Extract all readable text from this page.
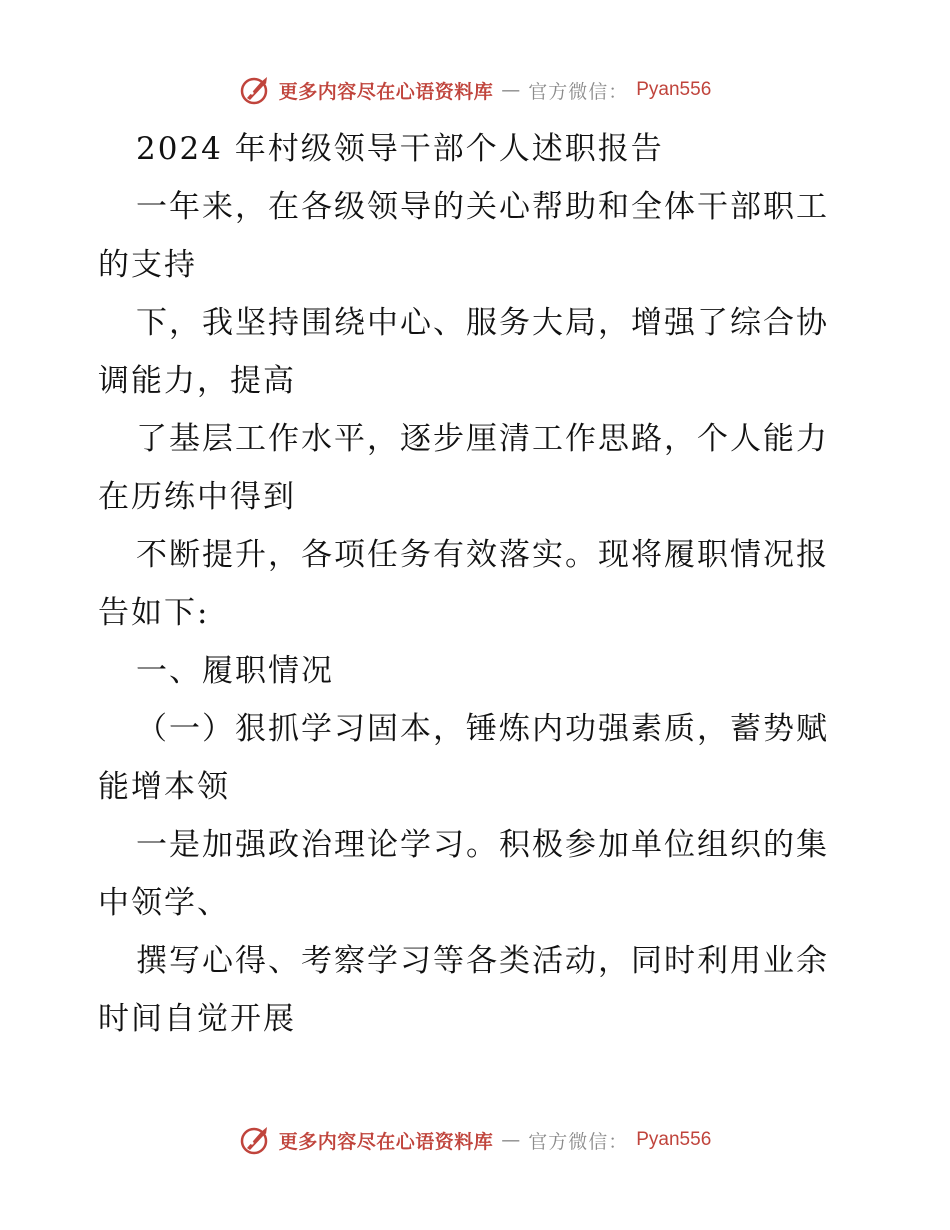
更多内容尽在心语资料库 — 官方微信： Pyan556
2024 年村级领导干部个人述职报告
一年来，在各级领导的关心帮助和全体干部职工
的支持
下，我坚持围绕中心、服务大局，增强了综合协
调能力，提高
了基层工作水平，逐步厘清工作思路，个人能力
在历练中得到
不断提升，各项任务有效落实。现将履职情况报
告如下:
一、履职情况
（一）狠抓学习固本，锤炼内功强素质，蓄势赋
能增本领
一是加强政治理论学习。积极参加单位组织的集
中领学、
撰写心得、考察学习等各类活动，同时利用业余
时间自觉开展
更多内容尽在心语资料库 — 官方微信： Pyan556
